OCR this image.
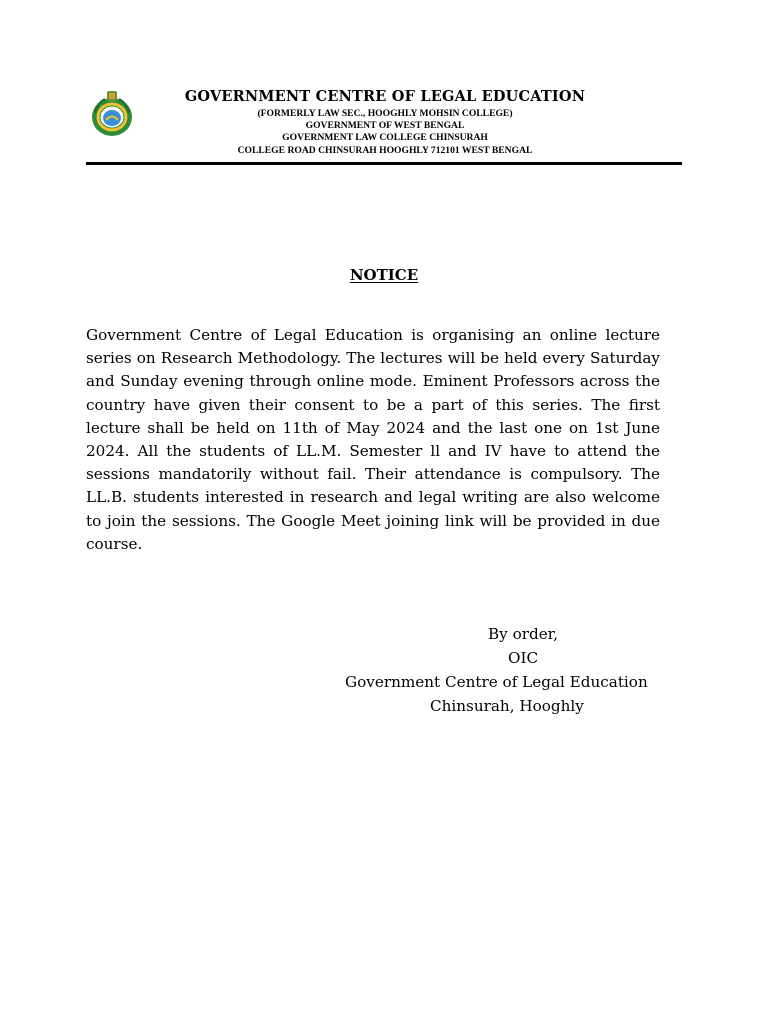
GOVERNMENT CENTRE OF LEGAL EDUCATION
(FORMERLY LAW SEC., HOOGHLY MOHSIN COLLEGE)
GOVERNMENT OF WEST BENGAL
GOVERNMENT LAW COLLEGE CHINSURAH
COLLEGE ROAD CHINSURAH HOOGHLY 712101 WEST BENGAL
NOTICE

Government Centre of Legal Education is organising an online lecture series on Research Methodology. The lectures will be held every Saturday and Sunday evening through online mode. Eminent Professors across the country have given their consent to be a part of this series. The first lecture shall be held on 11th of May 2024 and the last one on 1st June 2024. All the students of LL.M. Semester ll and IV have to attend the sessions mandatorily without fail. Their attendance is compulsory. The LL.B. students interested in research and legal writing are also welcome to join the sessions. The Google Meet joining link will be provided in due course.

By order,
OIC
Government Centre of Legal Education
Chinsurah, Hooghly
